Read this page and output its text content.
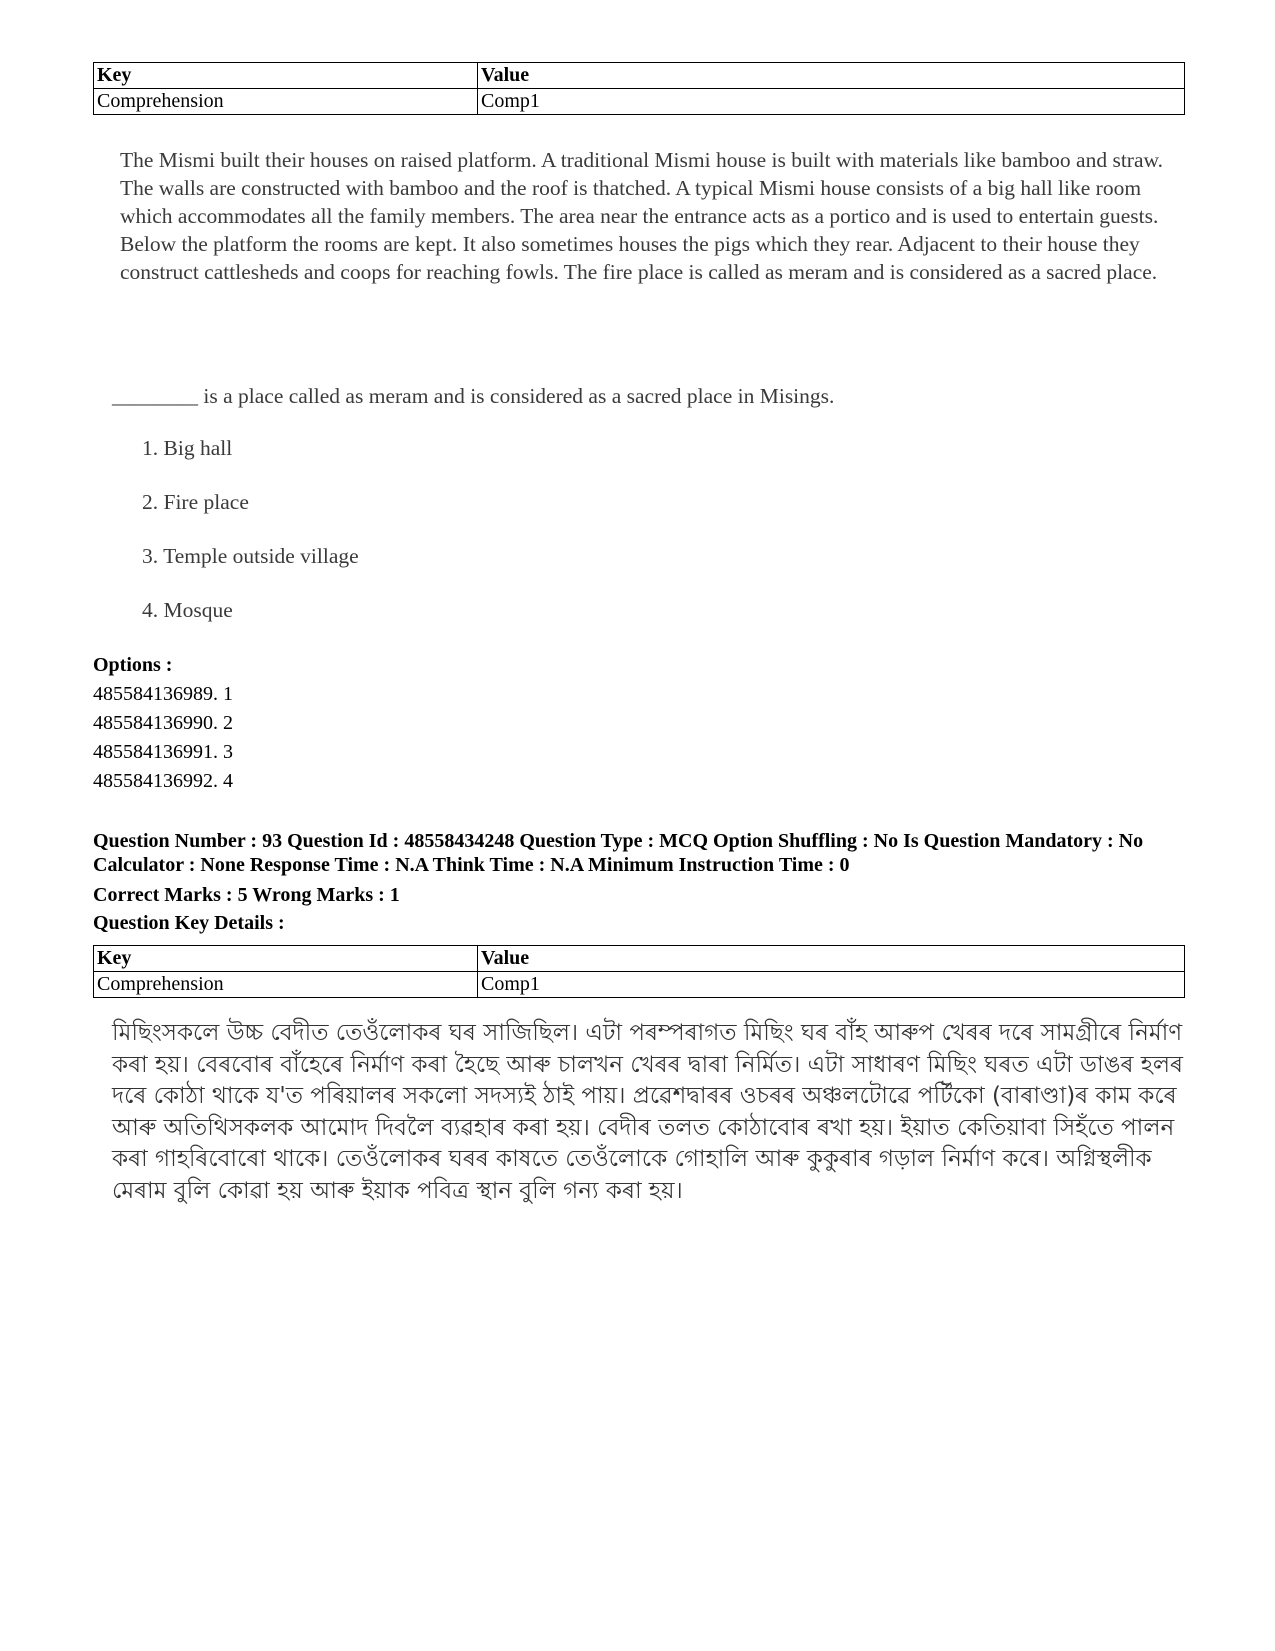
Key	Value
Comprehension	Comp1

The Mismi built their houses on raised platform. A traditional Mismi house is built with materials like bamboo and straw. The walls are constructed with bamboo and the roof is thatched. A typical Mismi house consists of a big hall like room which accommodates all the family members. The area near the entrance acts as a portico and is used to entertain guests. Below the platform the rooms are kept. It also sometimes houses the pigs which they rear. Adjacent to their house they construct cattlesheds and coops for reaching fowls. The fire place is called as meram and is considered as a sacred place.

________ is a place called as meram and is considered as a sacred place in Misings.

1. Big hall
2. Fire place
3. Temple outside village
4. Mosque
Options :
485584136989. 1
485584136990. 2
485584136991. 3
485584136992. 4

Question Number : 93 Question Id : 48558434248 Question Type : MCQ Option Shuffling : No Is Question Mandatory : No Calculator : None Response Time : N.A Think Time : N.A Minimum Instruction Time : 0

Correct Marks : 5 Wrong Marks : 1
Question Key Details :
Key	Value
Comprehension	Comp1

মিছিংসকলে উচ্চ বেদীত তেওঁলোকৰ ঘৰ সাজিছিল। এটা পৰম্পৰাগত মিছিং ঘৰ বাঁহ আৰুপ খেৰৰ দৰে সামগ্ৰীৰে নিৰ্মাণ কৰা হয়। বেৰবোৰ বাঁহেৰে নিৰ্মাণ কৰা হৈছে আৰু চালখন খেৰৰ দ্বাৰা নিৰ্মিত। এটা সাধাৰণ মিছিং ঘৰত এটা ডাঙৰ হলৰ দৰে কোঠা থাকে য'ত পৰিয়ালৰ সকলো সদস্যই ঠাই পায়। প্ৰৱেশদ্বাৰৰ ওচৰৰ অঞ্চলটোৱে পৰ্টিকো (বাৰাণ্ডা)ৰ কাম কৰে আৰু অতিথিসকলক আমোদ দিবলৈ ব্যৱহাৰ কৰা হয়। বেদীৰ তলত কোঠাবোৰ ৰখা হয়। ইয়াত কেতিয়াবা সিহঁতে পালন কৰা গাহৰিবোৰো থাকে। তেওঁলোকৰ ঘৰৰ কাষতে তেওঁলোকে গোহালি আৰু কুকুৰাৰ গড়াল নিৰ্মাণ কৰে। অগ্নিস্থলীক মেৰাম বুলি কোৱা হয় আৰু ইয়াক পবিত্ৰ স্থান বুলি গন্য কৰা হয়।
